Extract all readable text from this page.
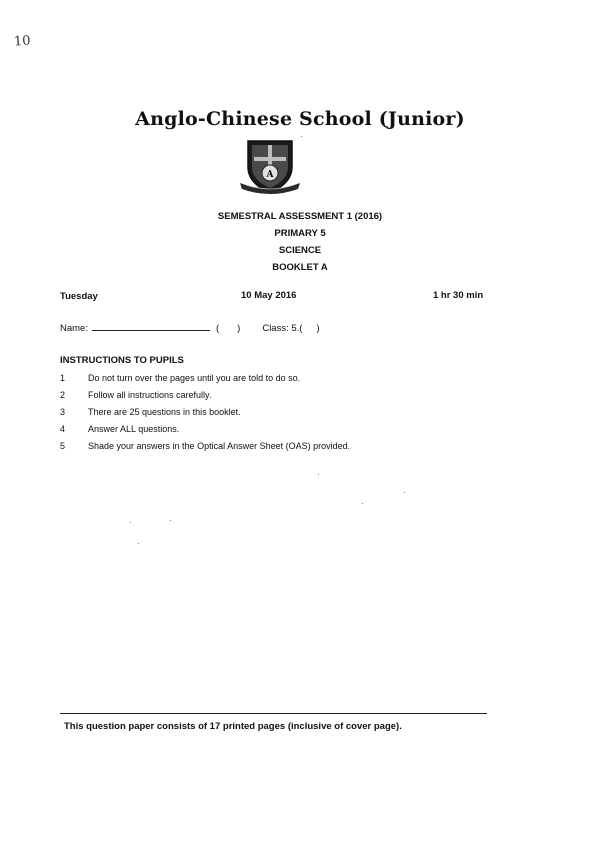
10
Anglo-Chinese School (Junior)
A
SEMESTRAL ASSESSMENT 1 (2016)
PRIMARY 5
SCIENCE
BOOKLET A
Tuesday	10 May 2016	1 hr 30 min
Name:	( ) Class: 5.( )
INSTRUCTIONS TO PUPILS
1	Do not turn over the pages until you are told to do so.
2	Follow all instructions carefully.
3	There are 25 questions in this booklet.
4	Answer ALL questions.
5	Shade your answers in the Optical Answer Sheet (OAS) provided.
This question paper consists of 17 printed pages (inclusive of cover page).
